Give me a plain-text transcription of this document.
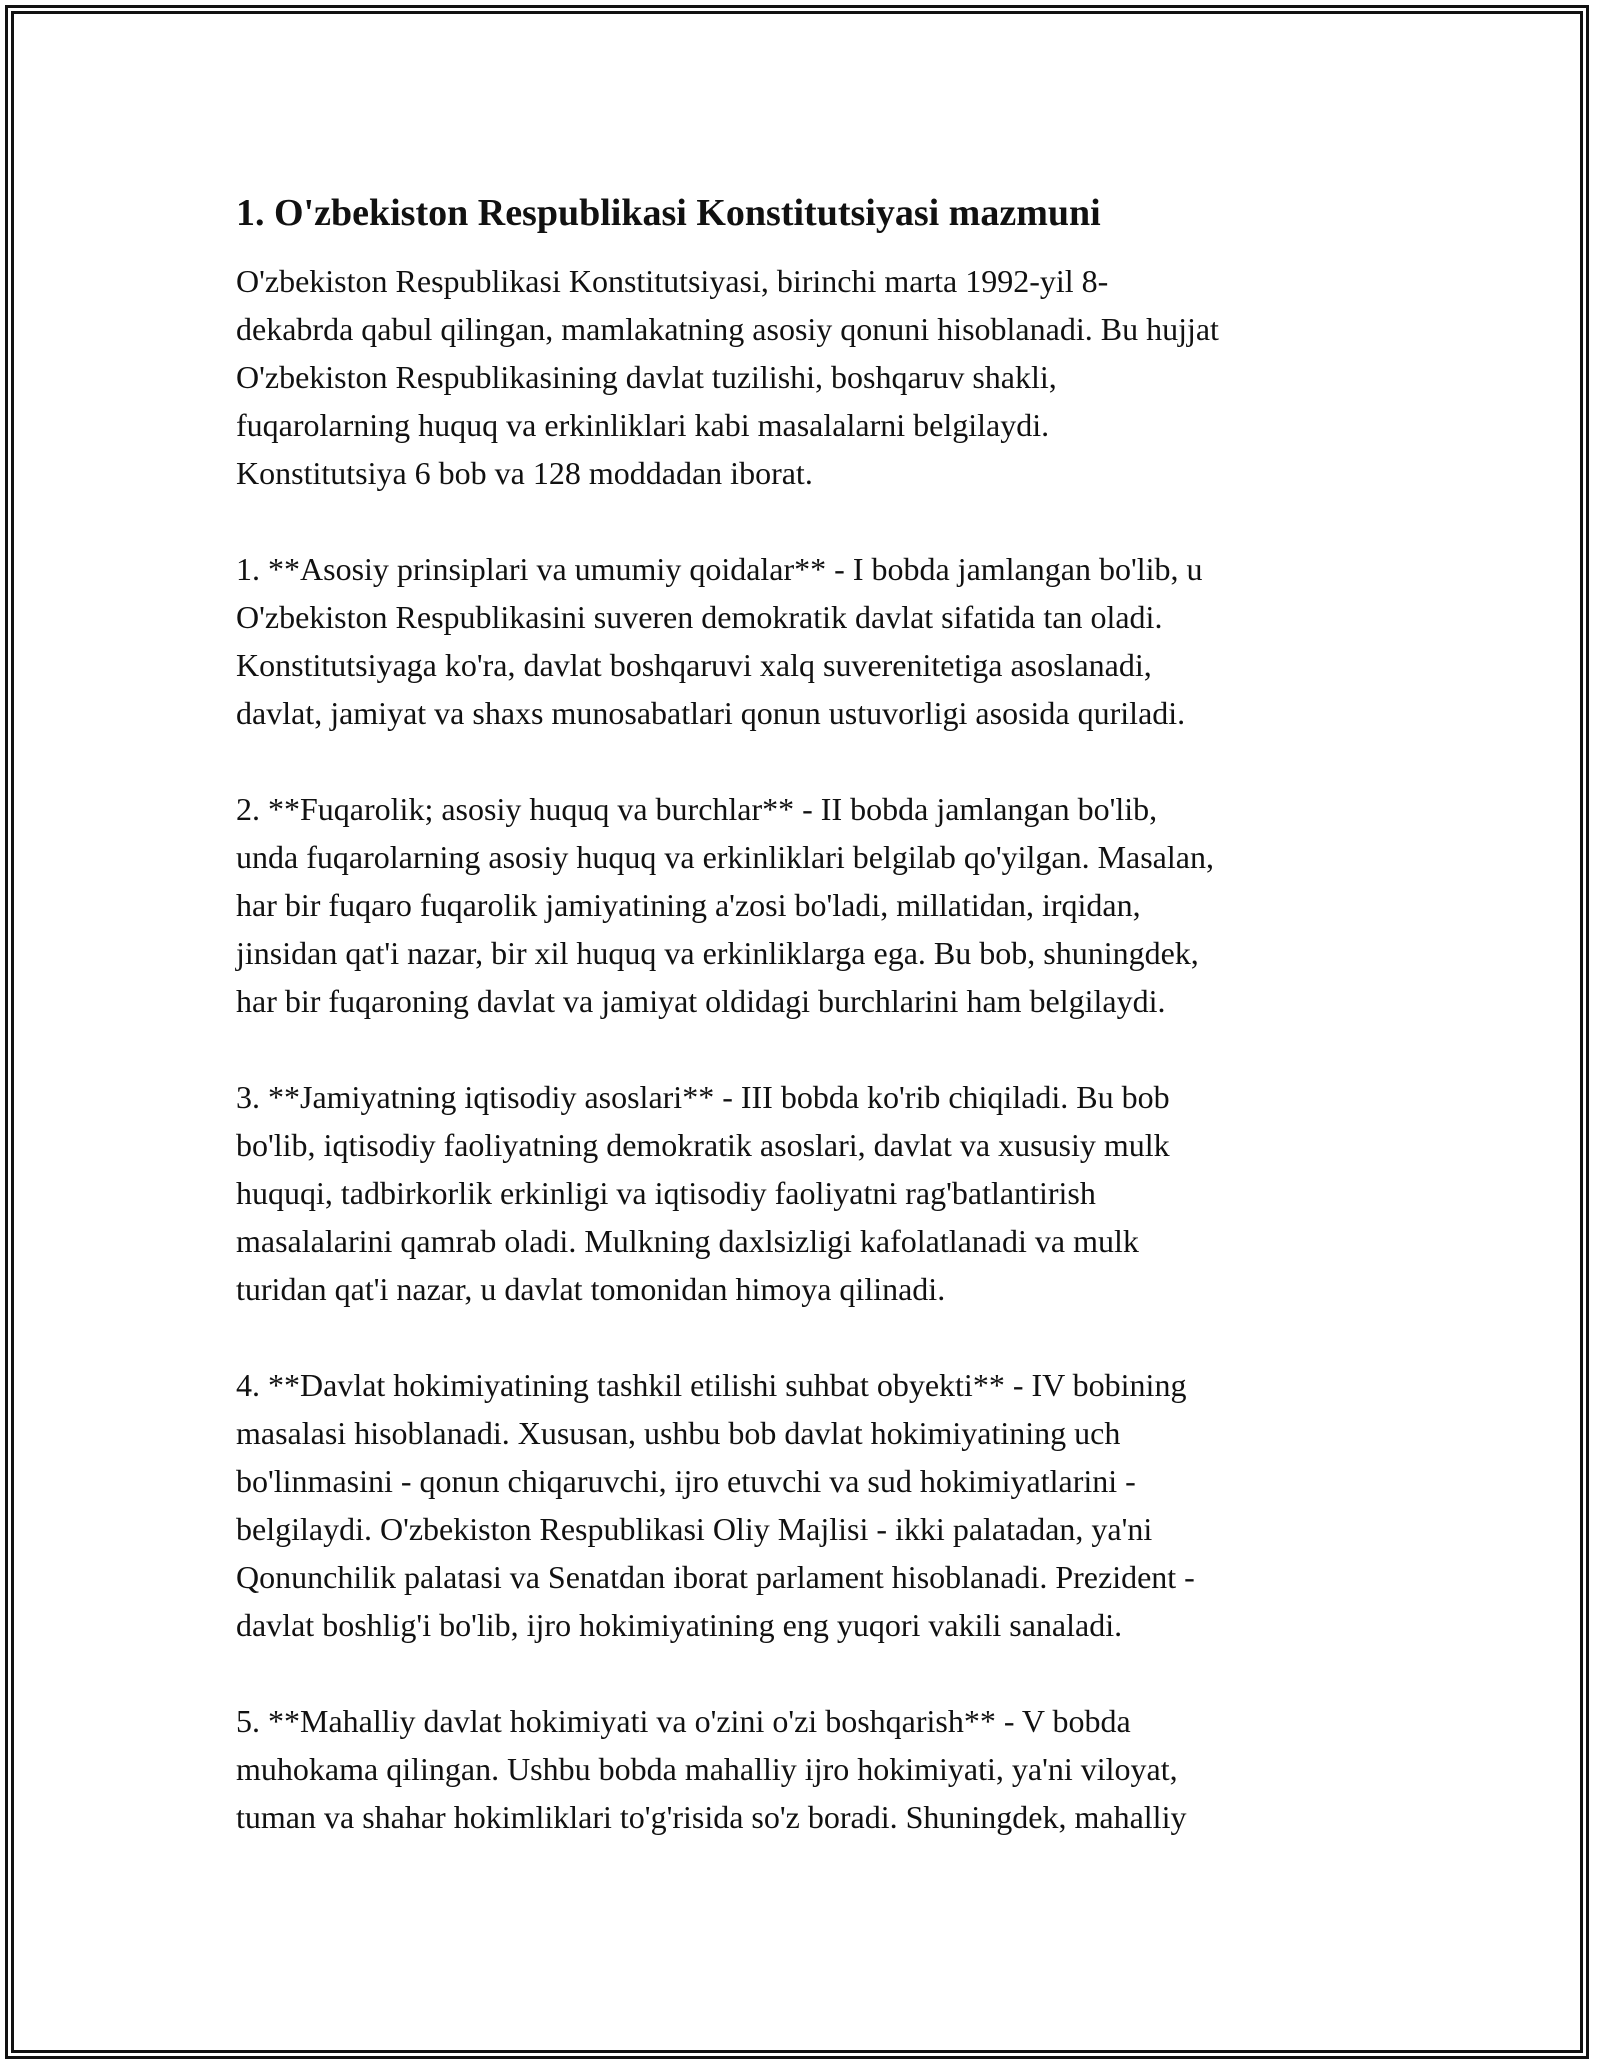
1. O'zbekiston Respublikasi Konstitutsiyasi mazmuni

O'zbekiston Respublikasi Konstitutsiyasi, birinchi marta 1992-yil 8-
dekabrda qabul qilingan, mamlakatning asosiy qonuni hisoblanadi. Bu hujjat
O'zbekiston Respublikasining davlat tuzilishi, boshqaruv shakli,
fuqarolarning huquq va erkinliklari kabi masalalarni belgilaydi.
Konstitutsiya 6 bob va 128 moddadan iborat.

1. **Asosiy prinsiplari va umumiy qoidalar** - I bobda jamlangan bo'lib, u
O'zbekiston Respublikasini suveren demokratik davlat sifatida tan oladi.
Konstitutsiyaga ko'ra, davlat boshqaruvi xalq suverenitetiga asoslanadi,
davlat, jamiyat va shaxs munosabatlari qonun ustuvorligi asosida quriladi.

2. **Fuqarolik; asosiy huquq va burchlar** - II bobda jamlangan bo'lib,
unda fuqarolarning asosiy huquq va erkinliklari belgilab qo'yilgan. Masalan,
har bir fuqaro fuqarolik jamiyatining a'zosi bo'ladi, millatidan, irqidan,
jinsidan qat'i nazar, bir xil huquq va erkinliklarga ega. Bu bob, shuningdek,
har bir fuqaroning davlat va jamiyat oldidagi burchlarini ham belgilaydi.

3. **Jamiyatning iqtisodiy asoslari** - III bobda ko'rib chiqiladi. Bu bob
bo'lib, iqtisodiy faoliyatning demokratik asoslari, davlat va xususiy mulk
huquqi, tadbirkorlik erkinligi va iqtisodiy faoliyatni rag'batlantirish
masalalarini qamrab oladi. Mulkning daxlsizligi kafolatlanadi va mulk
turidan qat'i nazar, u davlat tomonidan himoya qilinadi.

4. **Davlat hokimiyatining tashkil etilishi suhbat obyekti** - IV bobining
masalasi hisoblanadi. Xususan, ushbu bob davlat hokimiyatining uch
bo'linmasini - qonun chiqaruvchi, ijro etuvchi va sud hokimiyatlarini -
belgilaydi. O'zbekiston Respublikasi Oliy Majlisi - ikki palatadan, ya'ni
Qonunchilik palatasi va Senatdan iborat parlament hisoblanadi. Prezident -
davlat boshlig'i bo'lib, ijro hokimiyatining eng yuqori vakili sanaladi.

5. **Mahalliy davlat hokimiyati va o'zini o'zi boshqarish** - V bobda
muhokama qilingan. Ushbu bobda mahalliy ijro hokimiyati, ya'ni viloyat,
tuman va shahar hokimliklari to'g'risida so'z boradi. Shuningdek, mahalliy
